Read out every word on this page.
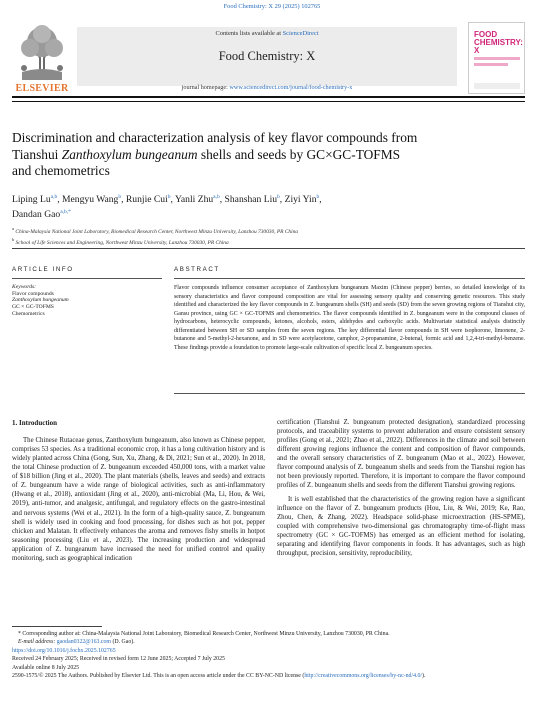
Food Chemistry: X 29 (2025) 102765
ELSEVIER
Contents lists available at ScienceDirect
Food Chemistry: X
journal homepage: www.sciencedirect.com/journal/food-chemistry-x
FOOD CHEMISTRY: X
Discrimination and characterization analysis of key flavor compounds from
Tianshui Zanthoxylum bungeanum shells and seeds by GC×GC-TOFMS
and chemometrics
Liping Lu$^{a,b}$, Mengyu Wang$^b$, Runjie Cui$^b$, Yanli Zhu$^{a,b}$, Shanshan Liu$^b$, Ziyi Yin$^b$,
Dandan Gao$^{a,b,*}$
$^a$ China-Malaysia National Joint Laboratory, Biomedical Research Center, Northwest Minzu University, Lanzhou 730030, PR China
$^b$ School of Life Sciences and Engineering, Northwest Minzu University, Lanzhou 730030, PR China
ARTICLE INFO	ABSTRACT
Keywords:
Flavor compounds
Zanthoxylum bungeanum
GC × GC-TOFMS
Chemometrics
Flavor compounds influence consumer acceptance of Zanthoxylum bungeanum Maxim (Chinese pepper) berries, so detailed knowledge of its sensory characteristics and flavor compound composition are vital for assessing sensory quality and conserving genetic resources. This study identified and characterized the key flavor compounds in Z. bungeanum shells (SH) and seeds (SD) from the seven growing regions of Tianshui city, Gansu province, using GC × GC-TOFMS and chemometrics. The flavor compounds identified in Z. bungeanum were in the compound classes of hydrocarbons, heterocyclic compounds, ketones, alcohols, esters, aldehydes and carboxylic acids. Multivariate statistical analysis distinctly differentiated between SH or SD samples from the seven regions. The key differential flavor compounds in SH were isophorone, limonene, 2-butanone and 5-methyl-2-hexanone, and in SD were acetylacetone, camphor, 2-propanamine, 2-butenal, formic acid and 1,2,4-tri-methyl-benzene. These findings provide a foundation to promote large-scale cultivation of specific local Z. bungeanum species.
1. Introduction

The Chinese Rutaceae genus, Zanthoxylum bungeanum, also known as Chinese pepper, comprises 53 species. As a traditional economic crop, it has a long cultivation history and is widely planted across China (Gong, Sun, Xu, Zhang, & Di, 2021; Sun et al., 2020). In 2018, the total Chinese production of Z. bungeanum exceeded 450,000 tons, with a market value of $18 billion (Jing et al., 2020). The plant materials (shells, leaves and seeds) and extracts of Z. bungeanum have a wide range of biological activities, such as anti-inflammatory (Hwang et al., 2018), antioxidant (Jing et al., 2020), anti-microbial (Ma, Li, Hou, & Wei, 2019), anti-tumor, and analgesic, antifungal, and regulatory effects on the gastro-intestinal and nervous systems (Wei et al., 2021). In the form of a high-quality sauce, Z. bungeanum shell is widely used in cooking and food processing, for dishes such as hot pot, pepper chicken and Malatan. It effectively enhances the aroma and removes fishy smells in hotpot seasoning processing (Liu et al., 2023). The increasing production and widespread application of Z. bungeanum have increased the need for unified control and quality monitoring, such as geographical indication

certification (Tianshui Z. bungeanum protected designation), standardized processing protocols, and traceability systems to prevent adulteration and ensure consistent sensory profiles (Gong et al., 2021; Zhao et al., 2022). Differences in the climate and soil between different growing regions influence the content and composition of flavor compounds, and the overall sensory characteristics of Z. bungeanum (Mao et al., 2022). However, flavor compound analysis of Z. bungeanum shells and seeds from the Tianshui region has not been previously reported. Therefore, it is important to compare the flavor compound profiles of Z. bungeanum shells and seeds from the different Tianshui growing regions.

It is well established that the characteristics of the growing region have a significant influence on the flavor of Z. bungeanum products (Hou, Liu, & Wei, 2019; Ke, Rao, Zhou, Chen, & Zhang, 2022). Headspace solid-phase microextraction (HS-SPME), coupled with comprehensive two-dimensional gas chromatography time-of-flight mass spectrometry (GC × GC-TOFMS) has emerged as an efficient method for isolating, separating and identifying flavor components in foods. It has advantages, such as high throughput, precision, sensitivity, reproducibility,

* Corresponding author at: China-Malaysia National Joint Laboratory, Biomedical Research Center, Northwest Minzu University, Lanzhou 730030, PR China.
E-mail address: gaodan0322@163.com (D. Gao).
https://doi.org/10.1016/j.fochx.2025.102765
Received 24 February 2025; Received in revised form 12 June 2025; Accepted 7 July 2025
Available online 8 July 2025
2590-1575/© 2025 The Authors. Published by Elsevier Ltd. This is an open access article under the CC BY-NC-ND license (http://creativecommons.org/licenses/by-nc-nd/4.0/).
